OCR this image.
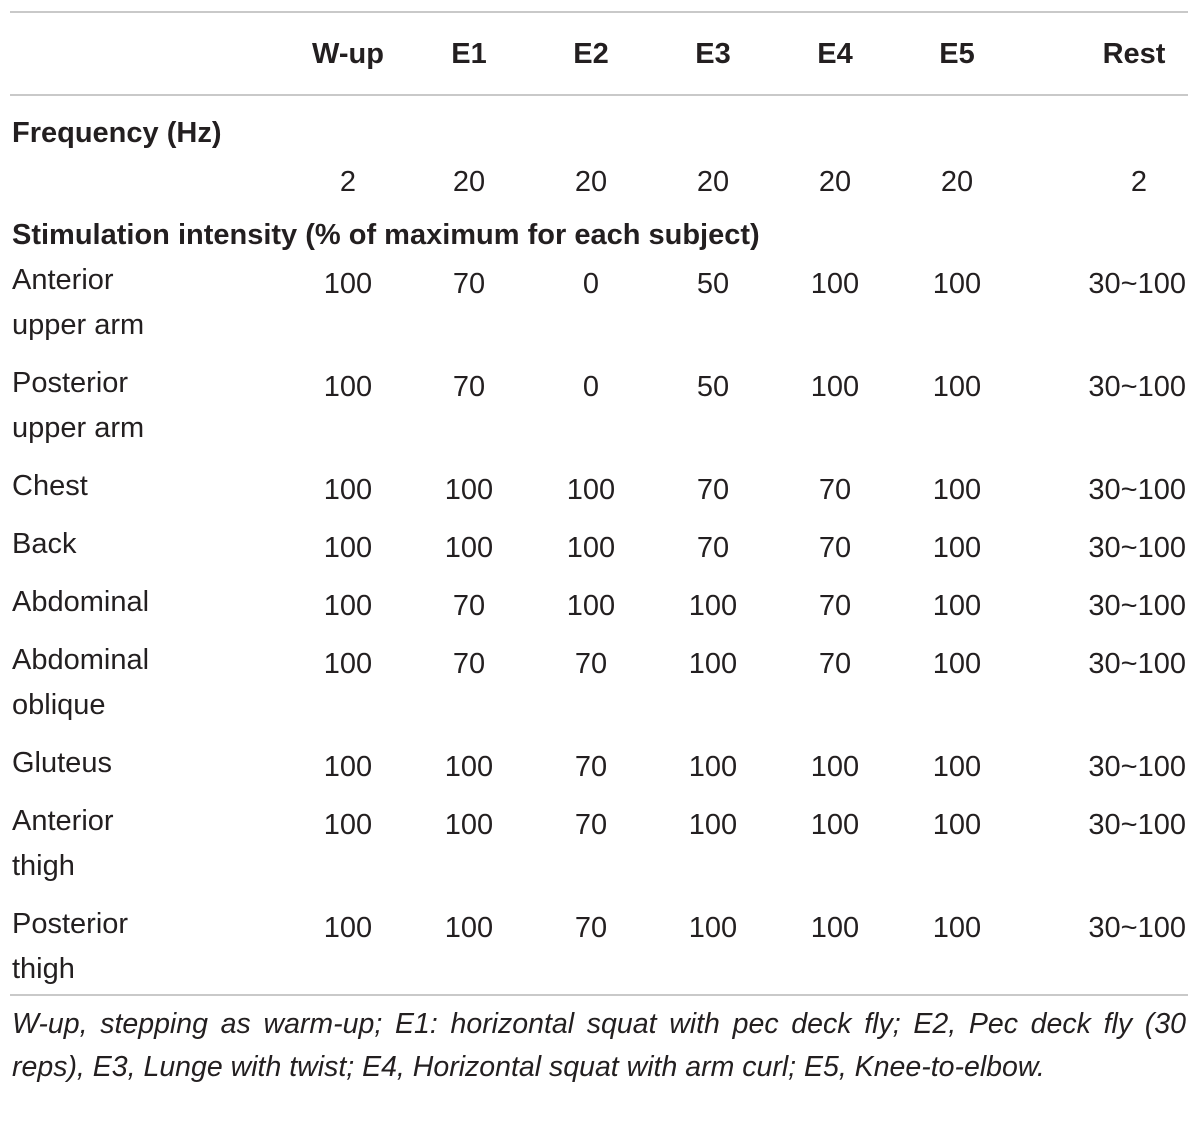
	W-up	E1	E2	E3	E4	E5	Rest
Frequency (Hz)							
	2	20	20	20	20	20	2
Stimulation intensity (% of maximum for each subject)							

Anterior
upper arm	100	70	0	50	100	100	30~100

Posterior
upper arm	100	70	0	50	100	100	30~100

Chest	100	100	100	70	70	100	30~100

Back	100	100	100	70	70	100	30~100

Abdominal	100	70	100	100	70	100	30~100

Abdominal
oblique	100	70	70	100	70	100	30~100

Gluteus	100	100	70	100	100	100	30~100

Anterior
thigh	100	100	70	100	100	100	30~100

Posterior
thigh	100	100	70	100	100	100	30~100
W-up, stepping as warm-up; E1: horizontal squat with pec deck fly; E2, Pec deck fly (30 reps), E3, Lunge with twist; E4, Horizontal squat with arm curl; E5, Knee-to-elbow.
